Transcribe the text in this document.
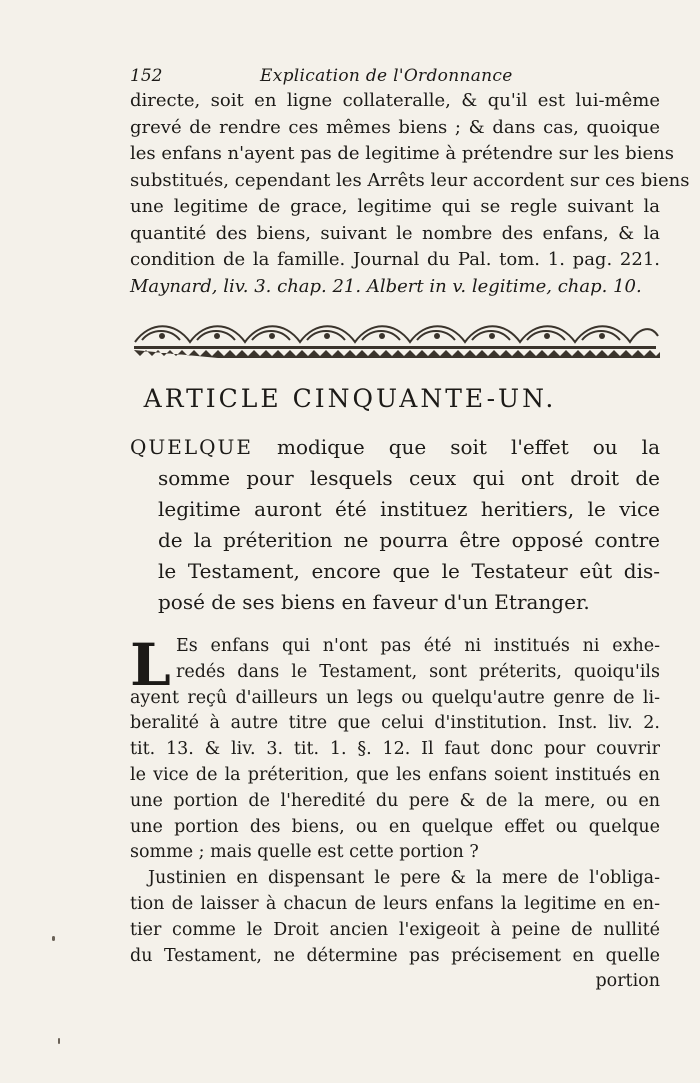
152	Explication de l'Ordonnance
directe, soit en ligne collateralle, & qu'il est lui-même
grevé de rendre ces mêmes biens ; & dans cas, quoique
les enfans n'ayent pas de legitime à prétendre sur les biens
substitués, cependant les Arrêts leur accordent sur ces biens
une legitime de grace, legitime qui se regle suivant la
quantité des biens, suivant le nombre des enfans, & la
condition de la famille. Journal du Pal. tom. 1. pag. 221.
Maynard, liv. 3. chap. 21. Albert in v. legitime, chap. 10.
ARTICLE CINQUANTE-UN.
QUELQUE modique que soit l'effet ou la
somme pour lesquels ceux qui ont droit de
legitime auront été instituez heritiers, le vice
de la préterition ne pourra être opposé contre
le Testament, encore que le Testateur eût dis-
posé de ses biens en faveur d'un Etranger.
L Es enfans qui n'ont pas été ni institués ni exhe-
redés dans le Testament, sont préterits, quoiqu'ils
ayent reçû d'ailleurs un legs ou quelqu'autre genre de li-
beralité à autre titre que celui d'institution. Inst. liv. 2.
tit. 13. & liv. 3. tit. 1. §. 12. Il faut donc pour couvrir
le vice de la préterition, que les enfans soient institués en
une portion de l'heredité du pere & de la mere, ou en
une portion des biens, ou en quelque effet ou quelque
somme ; mais quelle est cette portion ?
Justinien en dispensant le pere & la mere de l'obliga-
tion de laisser à chacun de leurs enfans la legitime en en-
tier comme le Droit ancien l'exigeoit à peine de nullité
du Testament, ne détermine pas précisement en quelle
portion
